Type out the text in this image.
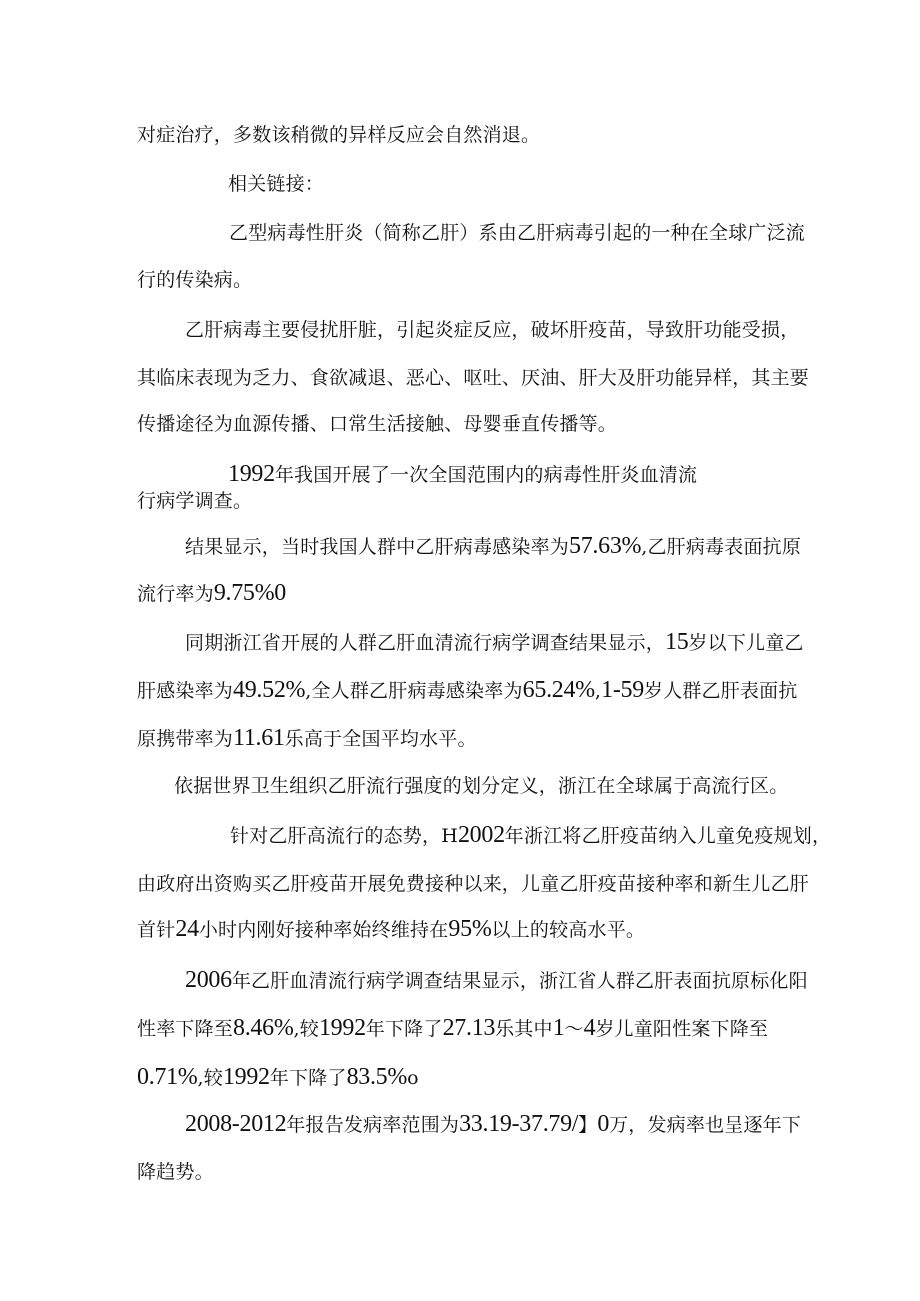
对症治疗，多数该稍微的异样反应会自然消退。
相关链接：
乙型病毒性肝炎（简称乙肝）系由乙肝病毒引起的一种在全球广泛流
行的传染病。
乙肝病毒主要侵扰肝脏，引起炎症反应，破坏肝疫苗，导致肝功能受损，
其临床表现为乏力、食欲减退、恶心、呕吐、厌油、肝大及肝功能异样，其主要
传播途径为血源传播、口常生活接触、母婴垂直传播等。
1992年我国开展了一次全国范围内的病毒性肝炎血清流
行病学调查。
结果显示，当时我国人群中乙肝病毒感染率为57.63%,乙肝病毒表面抗原
流行率为9.75%0
同期浙江省开展的人群乙肝血清流行病学调查结果显示，15岁以下儿童乙
肝感染率为49.52%,全人群乙肝病毒感染率为65.24%,1-59岁人群乙肝表面抗
原携带率为11.61乐高于全国平均水平。
依据世界卫生组织乙肝流行强度的划分定义，浙江在全球属于高流行区。
针对乙肝高流行的态势，H2002年浙江将乙肝疫苗纳入儿童免疫规划，
由政府出资购买乙肝疫苗开展免费接种以来，儿童乙肝疫苗接种率和新生儿乙肝
首针24小时内刚好接种率始终维持在95%以上的较高水平。
2006年乙肝血清流行病学调查结果显示，浙江省人群乙肝表面抗原标化阳
性率下降至8.46%,较1992年下降了27.13乐其中1～4岁儿童阳性案下降至
0.71%,较1992年下降了83.5%o
2008-2012年报告发病率范围为33.19-37.79/】0万，发病率也呈逐年下
降趋势。
